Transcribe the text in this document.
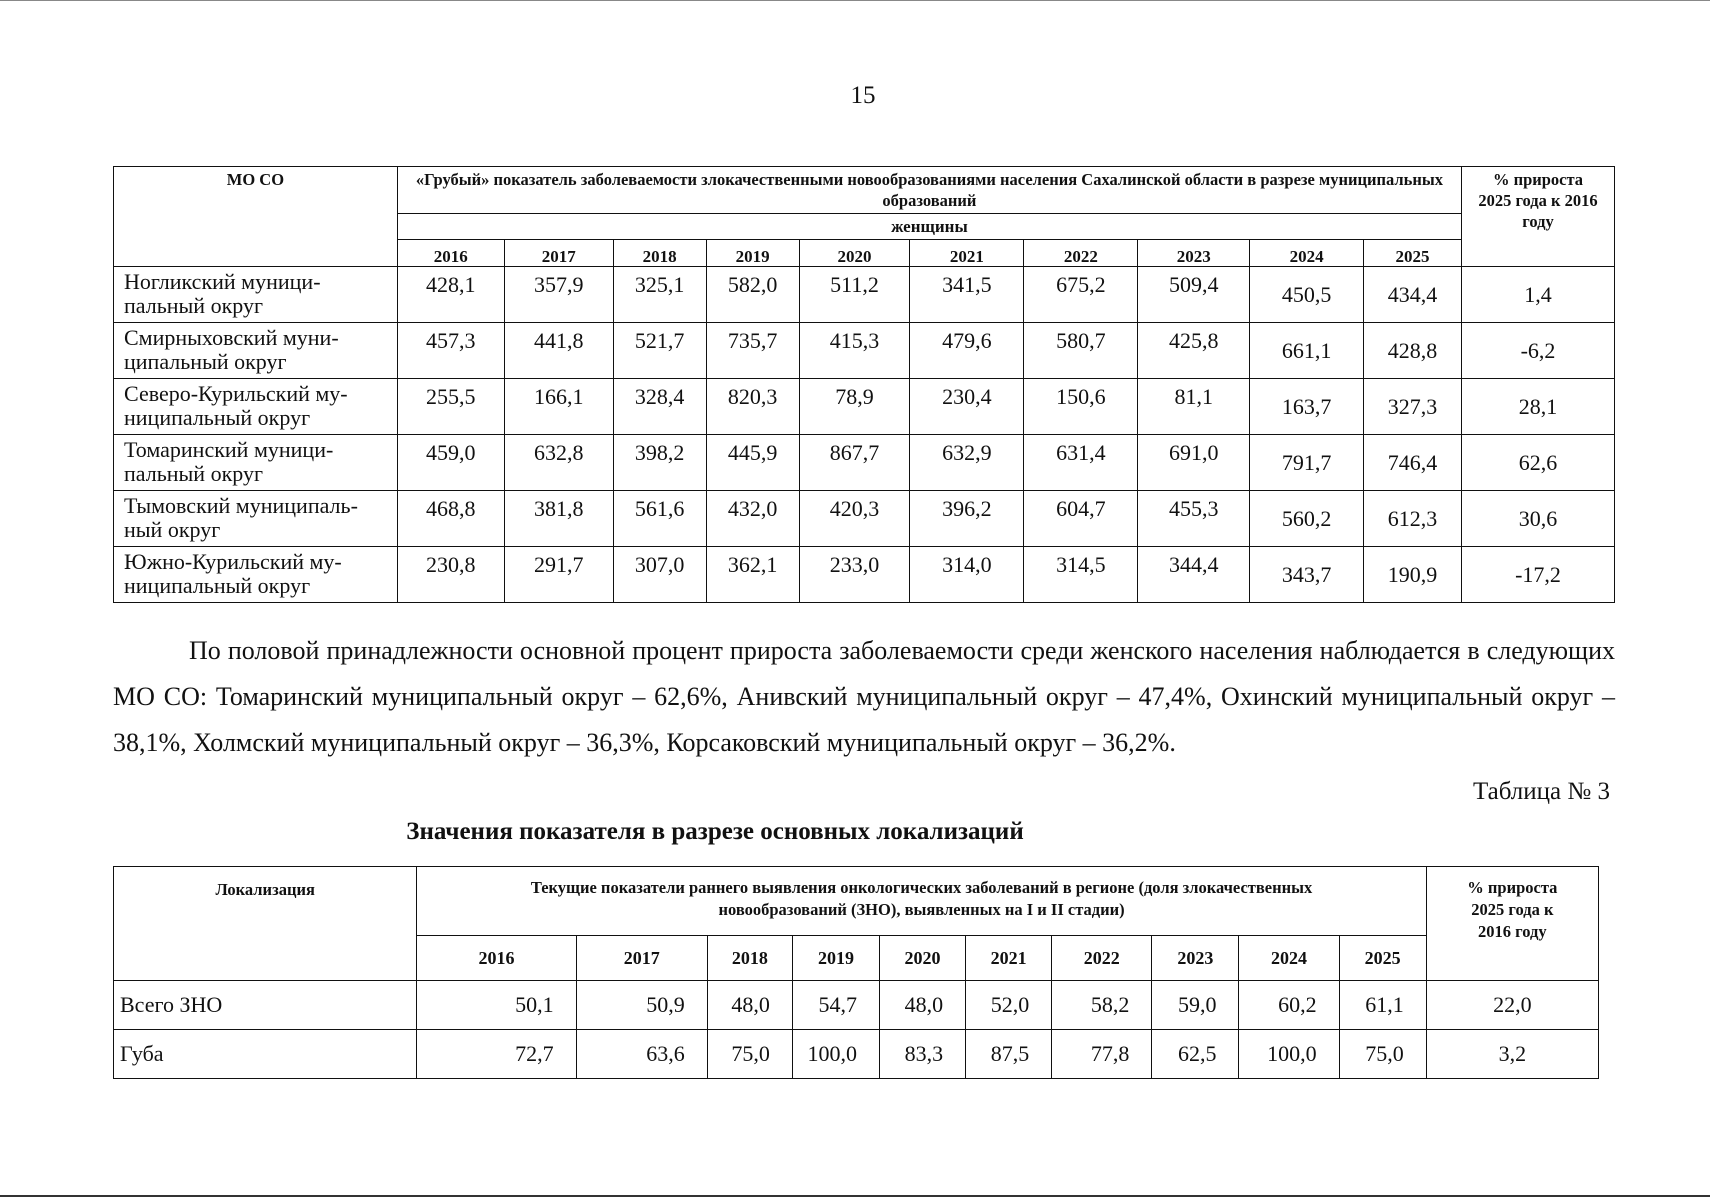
15
МО СО	«Грубый» показатель заболеваемости злокачественными новообразованиями населения Сахалинской области в разрезе муниципальных образований										% прироста 2025 года к 2016 году
	женщины										
	2016	2017	2018	2019	2020	2021	2022	2023	2024	2025	
Ногликский муници-пальный округ	428,1	357,9	325,1	582,0	511,2	341,5	675,2	509,4	450,5	434,4	1,4
Смирныховский муни-ципальный округ	457,3	441,8	521,7	735,7	415,3	479,6	580,7	425,8	661,1	428,8	-6,2
Северо-Курильский му-ниципальный округ	255,5	166,1	328,4	820,3	78,9	230,4	150,6	81,1	163,7	327,3	28,1
Томаринский муници-пальный округ	459,0	632,8	398,2	445,9	867,7	632,9	631,4	691,0	791,7	746,4	62,6
Тымовский муниципаль-ный округ	468,8	381,8	561,6	432,0	420,3	396,2	604,7	455,3	560,2	612,3	30,6
Южно-Курильский му-ниципальный округ	230,8	291,7	307,0	362,1	233,0	314,0	314,5	344,4	343,7	190,9	-17,2

По половой принадлежности основной процент прироста заболеваемости среди женского населения наблюдается в следующих МО СО: Томаринский муниципальный округ – 62,6%, Анивский муниципальный округ – 47,4%, Охинский муниципальный округ – 38,1%, Холмский муниципальный округ – 36,3%, Корсаковский муниципальный округ – 36,2%.

Таблица № 3
Значения показателя в разрезе основных локализаций
Локализация	Текущие показатели раннего выявления онкологических заболеваний в регионе (доля злокачественных новообразований (ЗНО), выявленных на I и II стадии)										% прироста 2025 года к 2016 году
	2016	2017	2018	2019	2020	2021	2022	2023	2024	2025	
Всего ЗНО	50,1	50,9	48,0	54,7	48,0	52,0	58,2	59,0	60,2	61,1	22,0
Губа	72,7	63,6	75,0	100,0	83,3	87,5	77,8	62,5	100,0	75,0	3,2
